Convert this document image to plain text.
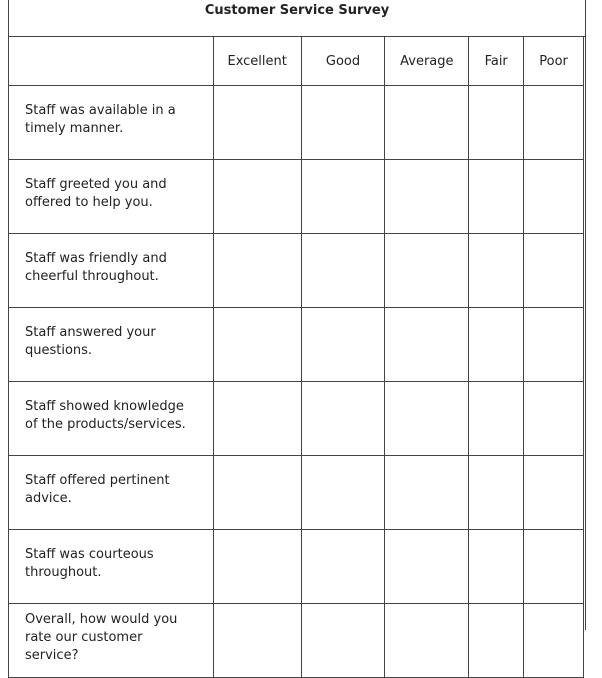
Customer Service Survey
	Excellent	Good	Average	Fair	Poor
Staff was available in a timely manner.					
Staff greeted you and offered to help you.					
Staff was friendly and cheerful throughout.					
Staff answered your questions.					
Staff showed knowledge of the products/services.					
Staff offered pertinent advice.					
Staff was courteous throughout.					
Overall, how would you rate our customer service?					
